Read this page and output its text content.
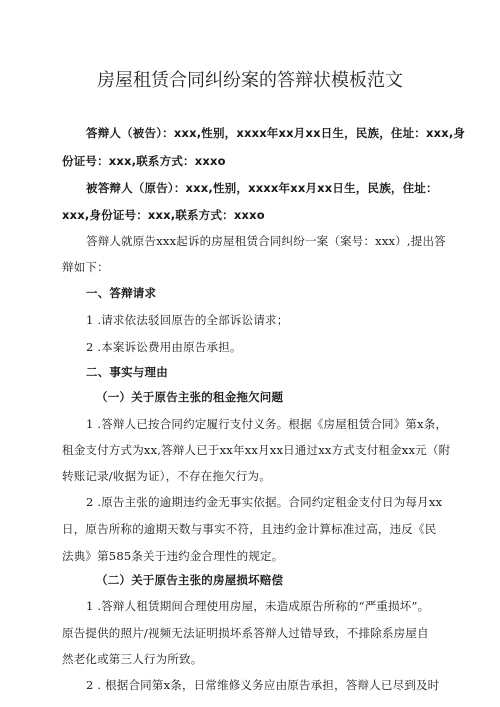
房屋租赁合同纠纷案的答辩状模板范文
答辩人（被告）：xxx,性别，xxxx年xx月xx日生，民族，住址：xxx,身
份证号：xxx,联系方式：xxxo
被答辩人（原告）：xxx,性别，xxxx年xx月xx日生，民族，住址：
xxx,身份证号：xxx,联系方式：xxxo
答辩人就原告xxx起诉的房屋租赁合同纠纷一案（案号：xxx）,提出答
辩如下：
一、答辩请求
1 .请求依法驳回原告的全部诉讼请求；
2 .本案诉讼费用由原告承担。
二、事实与理由
（一）关于原告主张的租金拖欠问题
1 .答辩人已按合同约定履行支付义务。根据《房屋租赁合同》第x条，
租金支付方式为xx,答辩人已于xx年xx月xx日通过xx方式支付租金xx元（附
转账记录/收据为证），不存在拖欠行为。
2 .原告主张的逾期违约金无事实依据。合同约定租金支付日为每月xx
日，原告所称的逾期天数与事实不符，且违约金计算标准过高，违反《民
法典》第585条关于违约金合理性的规定。
（二）关于原告主张的房屋损坏赔偿
1 .答辩人租赁期间合理使用房屋，未造成原告所称的“严重损坏”。
原告提供的照片/视频无法证明损坏系答辩人过错导致，不排除系房屋自
然老化或第三人行为所致。
2 . 根据合同第x条，日常维修义务应由原告承担，答辩人已尽到及时
